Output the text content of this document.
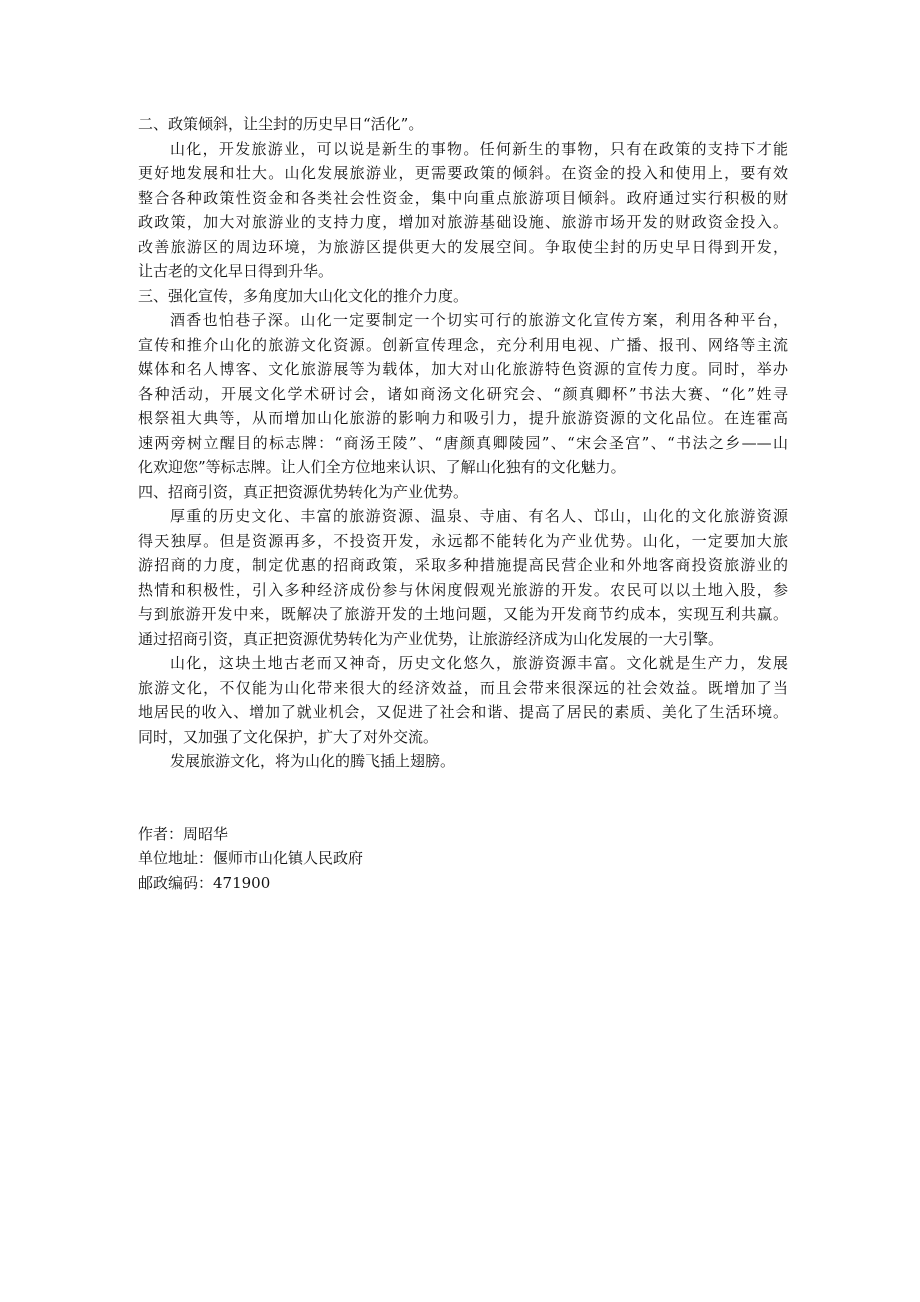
二、政策倾斜，让尘封的历史早日“活化”。
山化，开发旅游业，可以说是新生的事物。任何新生的事物，只有在政策的支持下才能
更好地发展和壮大。山化发展旅游业，更需要政策的倾斜。在资金的投入和使用上，要有效
整合各种政策性资金和各类社会性资金，集中向重点旅游项目倾斜。政府通过实行积极的财
政政策，加大对旅游业的支持力度，增加对旅游基础设施、旅游市场开发的财政资金投入。
改善旅游区的周边环境，为旅游区提供更大的发展空间。争取使尘封的历史早日得到开发，
让古老的文化早日得到升华。
三、强化宣传，多角度加大山化文化的推介力度。
酒香也怕巷子深。山化一定要制定一个切实可行的旅游文化宣传方案，利用各种平台，
宣传和推介山化的旅游文化资源。创新宣传理念，充分利用电视、广播、报刊、网络等主流
媒体和名人博客、文化旅游展等为载体，加大对山化旅游特色资源的宣传力度。同时，举办
各种活动，开展文化学术研讨会，诸如商汤文化研究会、“颜真卿杯”书法大赛、“化”姓寻
根祭祖大典等，从而增加山化旅游的影响力和吸引力，提升旅游资源的文化品位。在连霍高
速两旁树立醒目的标志牌：“商汤王陵”、“唐颜真卿陵园”、“宋会圣宫”、“书法之乡——山
化欢迎您”等标志牌。让人们全方位地来认识、了解山化独有的文化魅力。
四、招商引资，真正把资源优势转化为产业优势。
厚重的历史文化、丰富的旅游资源、温泉、寺庙、有名人、邙山，山化的文化旅游资源
得天独厚。但是资源再多，不投资开发，永远都不能转化为产业优势。山化，一定要加大旅
游招商的力度，制定优惠的招商政策，采取多种措施提高民营企业和外地客商投资旅游业的
热情和积极性，引入多种经济成份参与休闲度假观光旅游的开发。农民可以以土地入股，参
与到旅游开发中来，既解决了旅游开发的土地问题，又能为开发商节约成本，实现互利共赢。
通过招商引资，真正把资源优势转化为产业优势，让旅游经济成为山化发展的一大引擎。
山化，这块土地古老而又神奇，历史文化悠久，旅游资源丰富。文化就是生产力，发展
旅游文化，不仅能为山化带来很大的经济效益，而且会带来很深远的社会效益。既增加了当
地居民的收入、增加了就业机会，又促进了社会和谐、提高了居民的素质、美化了生活环境。
同时，又加强了文化保护，扩大了对外交流。
发展旅游文化，将为山化的腾飞插上翅膀。
作者：周昭华
单位地址：偃师市山化镇人民政府
邮政编码：471900
